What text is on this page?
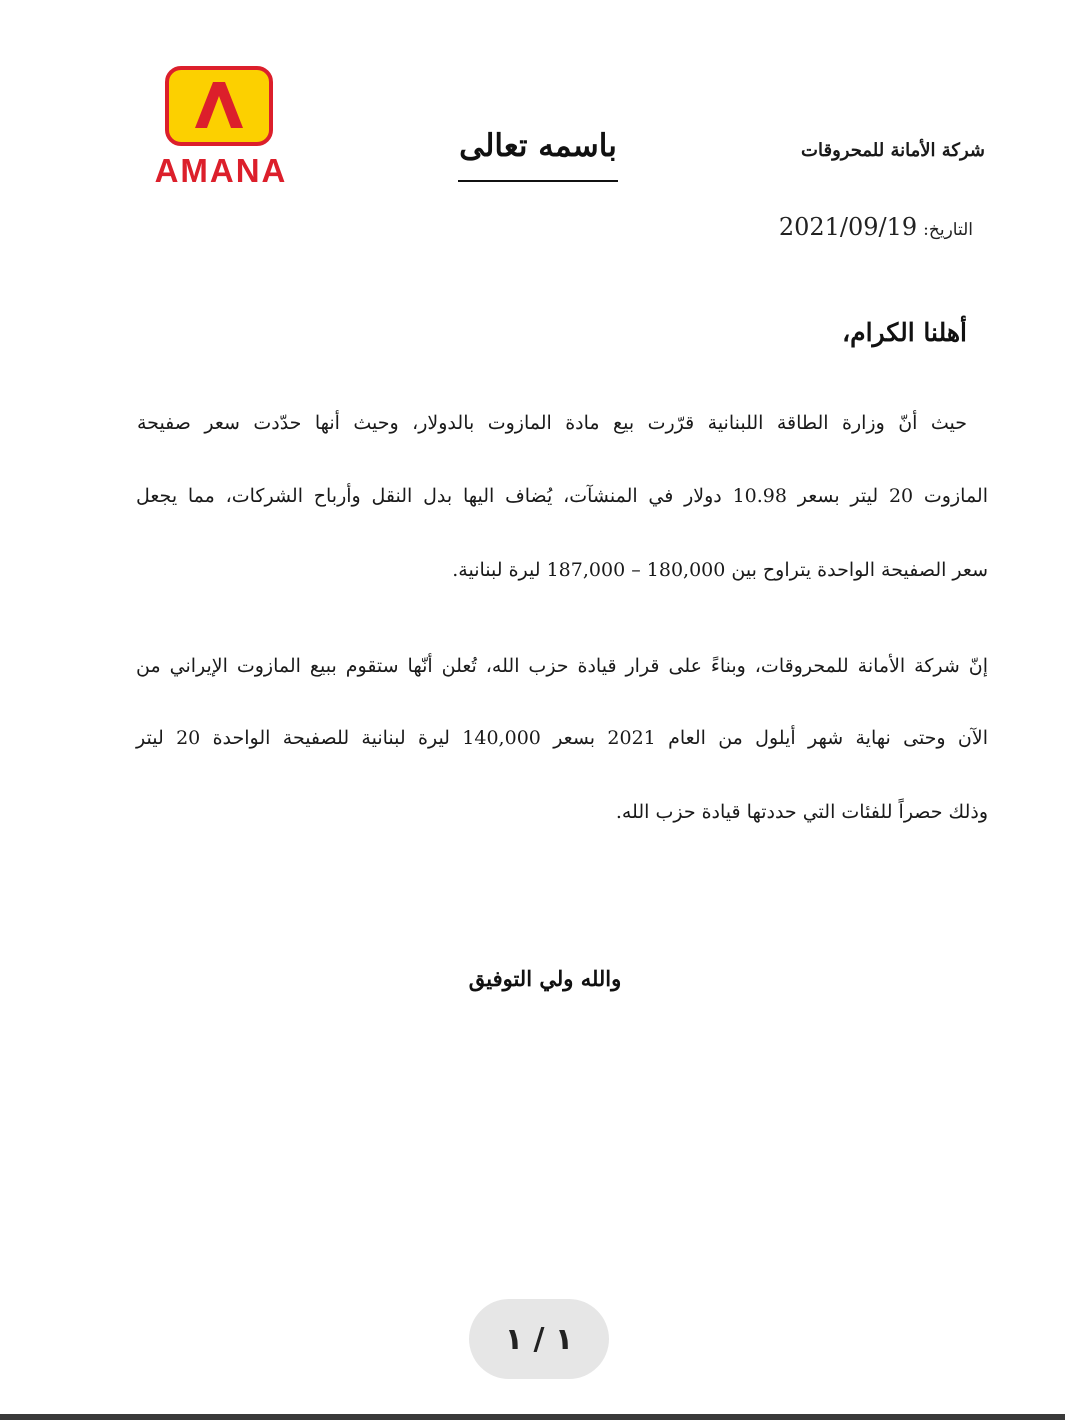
AMANA
شركة الأمانة للمحروقات
باسمه تعالى
التاريخ:2021/09/19
أهلنا الكرام،
حيث أنّ وزارة الطاقة اللبنانية قرّرت بيع مادة المازوت بالدولار، وحيث أنها حدّدت سعر صفيحة
المازوت 20 ليتر بسعر 10.98 دولار في المنشآت، يُضاف اليها بدل النقل وأرباح الشركات، مما يجعل
سعر الصفيحة الواحدة يتراوح بين 180,000 – 187,000 ليرة لبنانية.
إنّ شركة الأمانة للمحروقات، وبناءً على قرار قيادة حزب الله، تُعلن أنّها ستقوم ببيع المازوت الإيراني من
الآن وحتى نهاية شهر أيلول من العام 2021 بسعر 140,000 ليرة لبنانية للصفيحة الواحدة 20 ليتر
وذلك حصراً للفئات التي حددتها قيادة حزب الله.
والله ولي التوفيق
١ / ١
